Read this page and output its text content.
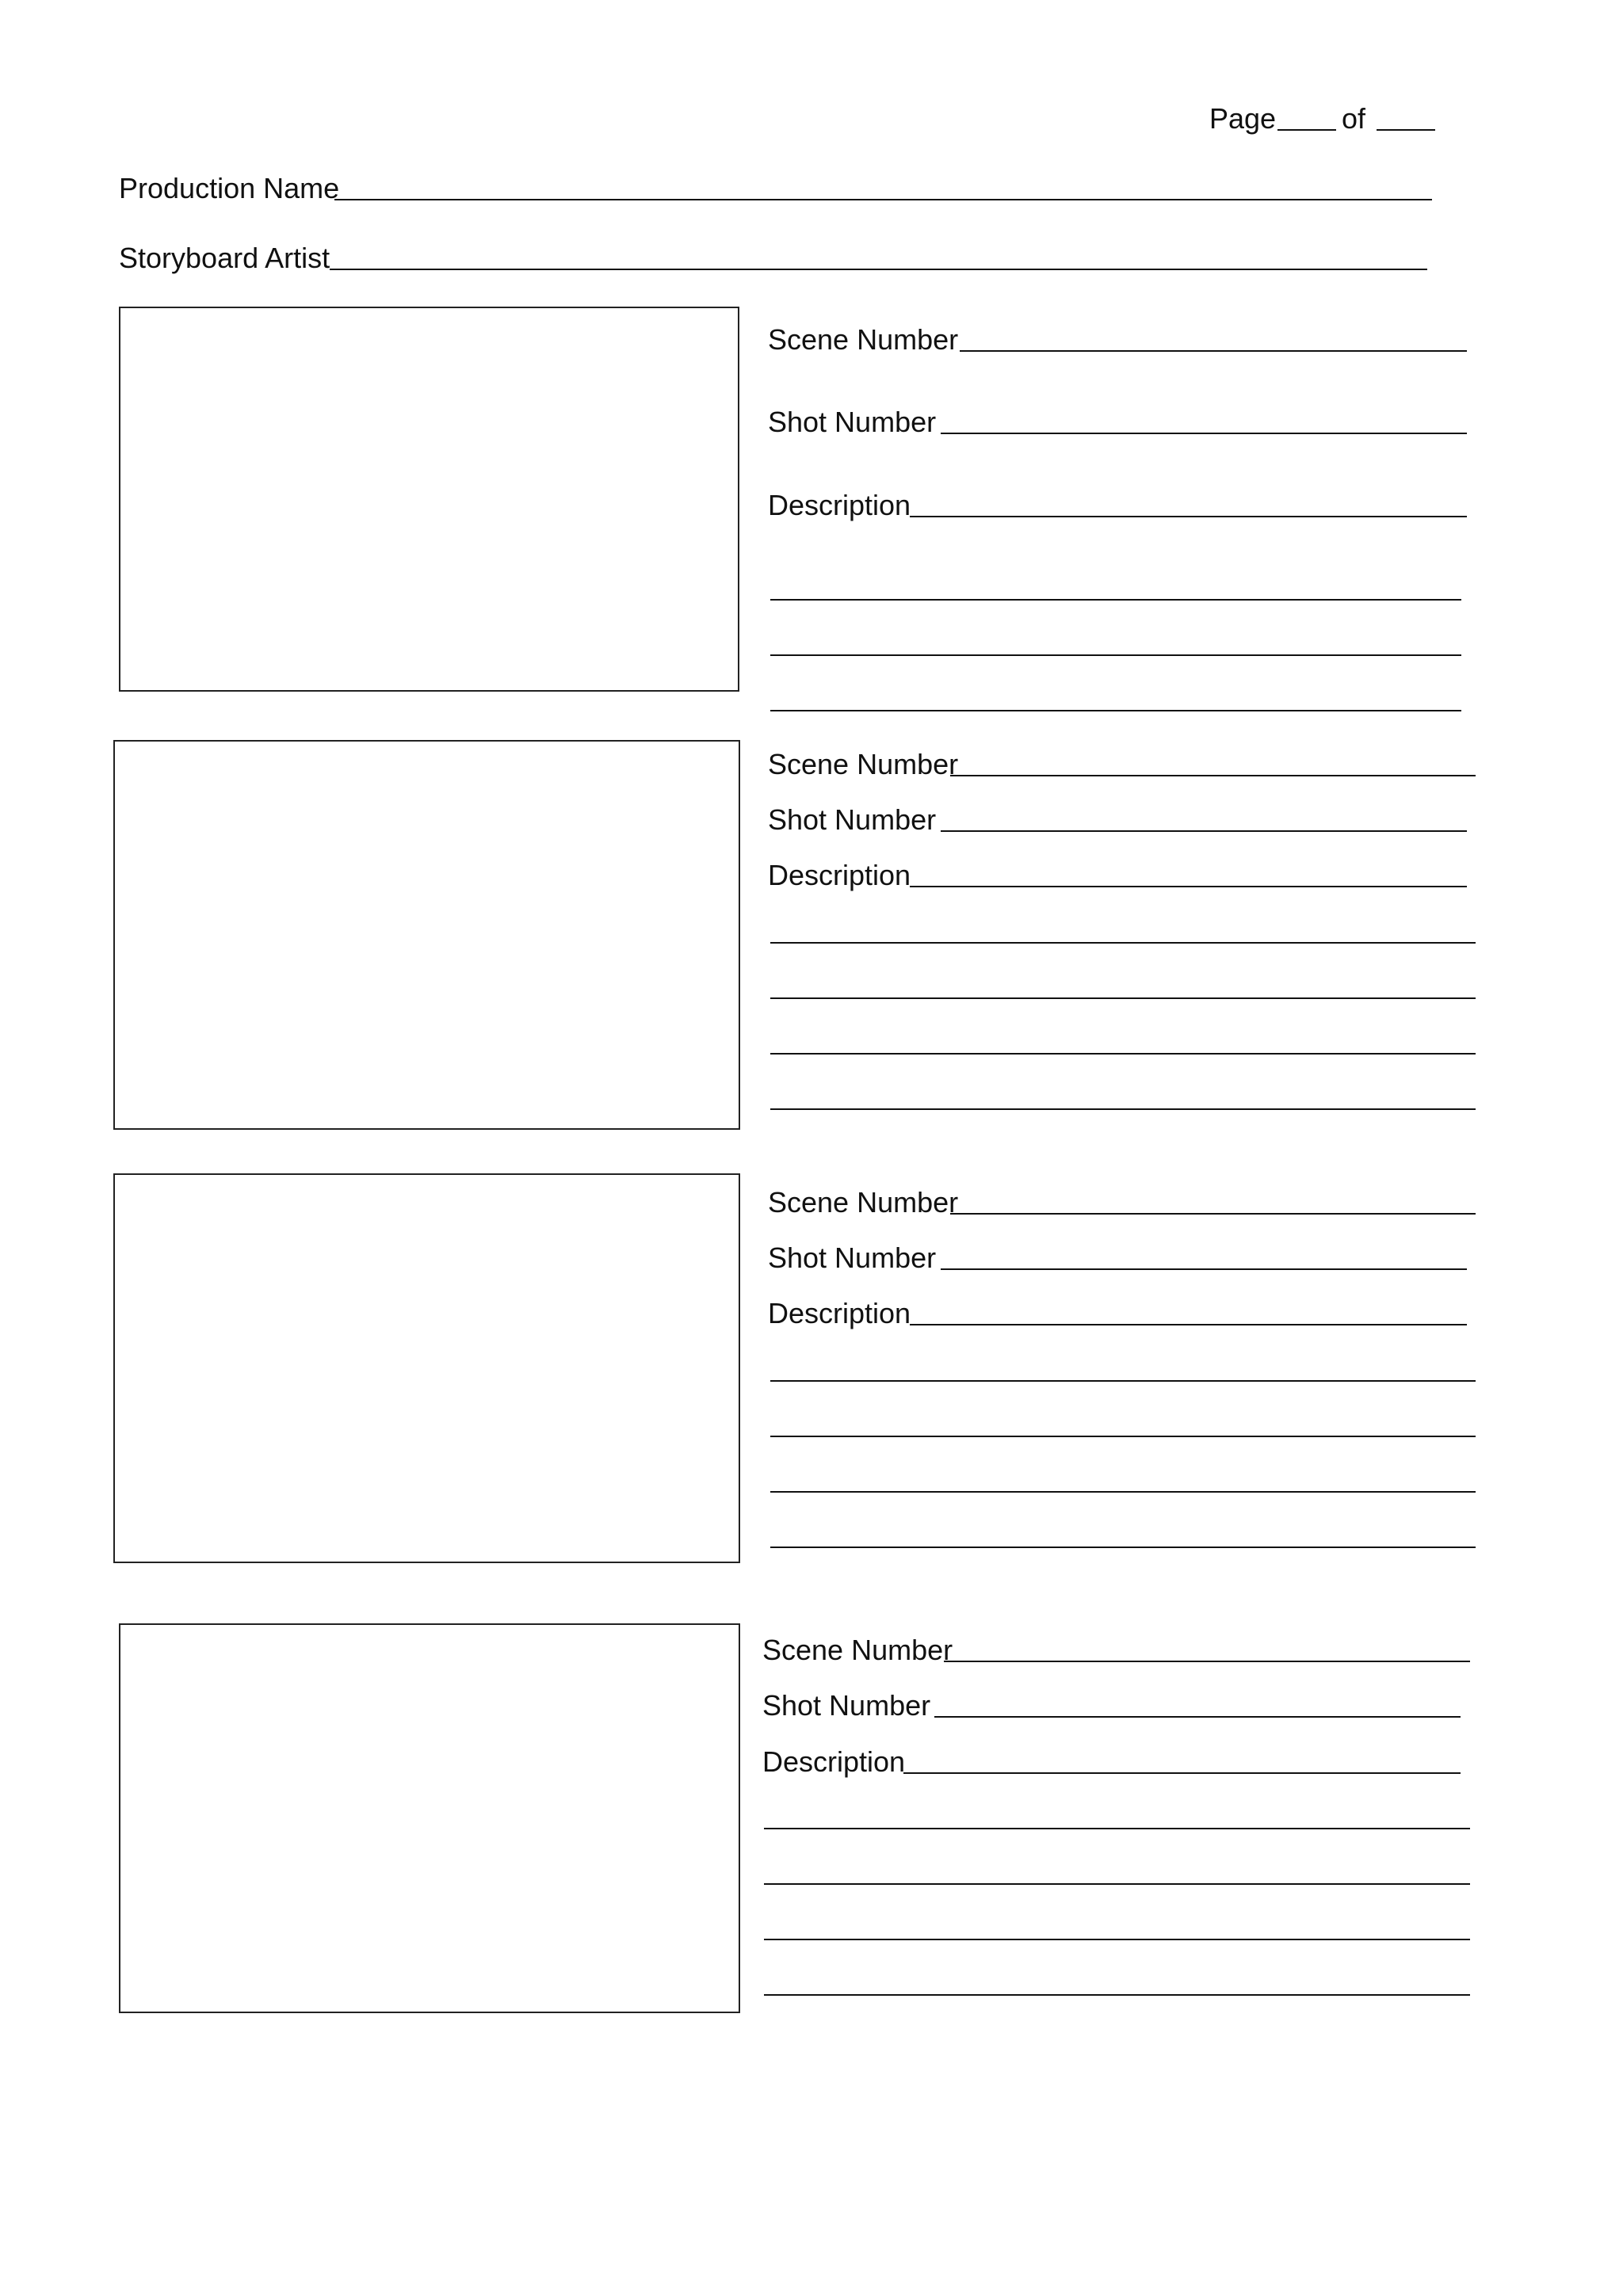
Page of
Production Name
Storyboard Artist
Scene Number
Shot Number
Description
Scene Number
Shot Number
Description
Scene Number
Shot Number
Description
Scene Number
Shot Number
Description
